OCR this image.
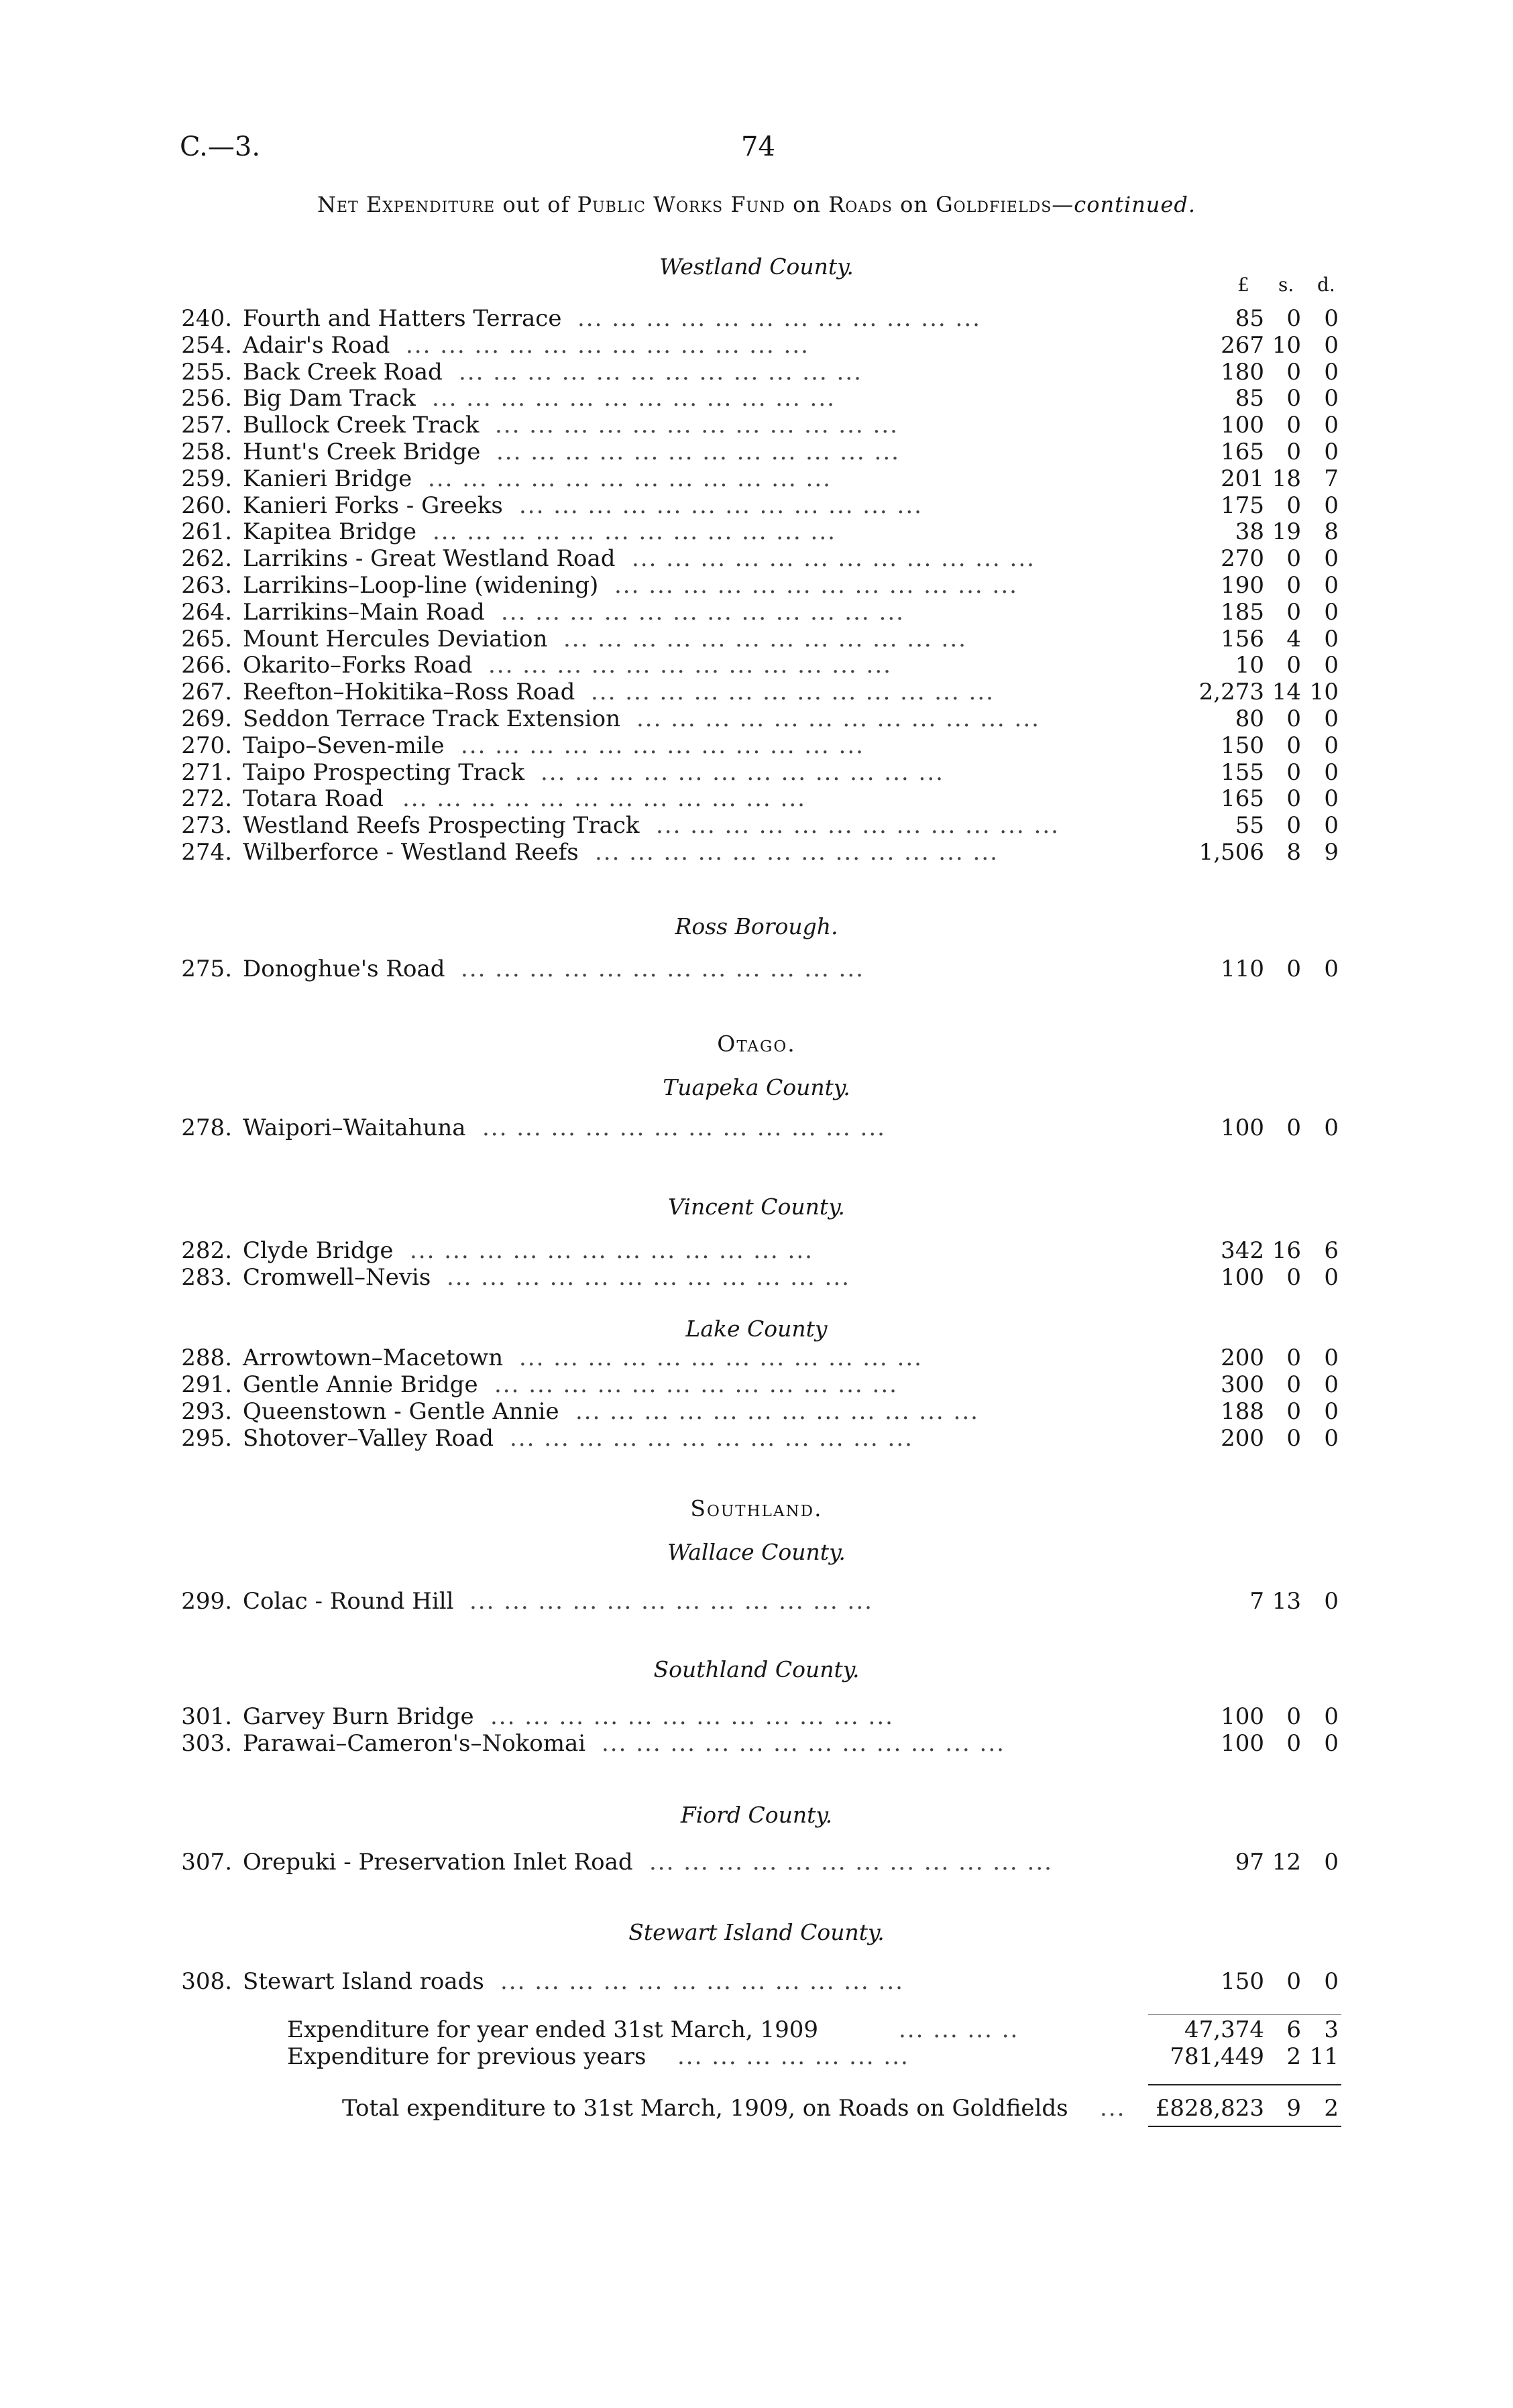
C.—3.	74
Net Expenditure out of Public Works Fund on Roads on Goldfields—continued.
Westland County.
£ s. d.
240. Fourth and Hatters Terrace ... ... ... ... ... ... ... ... ... ... ... ...	85 0	0
254. Adair's Road ... ... ... ... ... ... ... ... ... ... ... ...	267 10	0
255. Back Creek Road ... ... ... ... ... ... ... ... ... ... ... ...	180 0	0
256. Big Dam Track ... ... ... ... ... ... ... ... ... ... ... ...	85 0	0
257. Bullock Creek Track ... ... ... ... ... ... ... ... ... ... ... ...	100 0	0
258. Hunt's Creek Bridge ... ... ... ... ... ... ... ... ... ... ... ...	165 0	0
259. Kanieri Bridge ... ... ... ... ... ... ... ... ... ... ... ...	201 18	7
260. Kanieri Forks - Greeks ... ... ... ... ... ... ... ... ... ... ... ...	175 0	0
261. Kapitea Bridge ... ... ... ... ... ... ... ... ... ... ... ...	38 19	8
262. Larrikins - Great Westland Road ... ... ... ... ... ... ... ... ... ... ... ...	270 0	0
263. Larrikins–Loop-line (widening) ... ... ... ... ... ... ... ... ... ... ... ...	190 0	0
264. Larrikins–Main Road ... ... ... ... ... ... ... ... ... ... ... ...	185 0	0
265. Mount Hercules Deviation ... ... ... ... ... ... ... ... ... ... ... ...	156 4	0
266. Okarito–Forks Road ... ... ... ... ... ... ... ... ... ... ... ...	10 0	0
267. Reefton–Hokitika–Ross Road ... ... ... ... ... ... ... ... ... ... ... ...	2,273 14 10
269. Seddon Terrace Track Extension ... ... ... ... ... ... ... ... ... ... ... ...	80 0	0
270. Taipo–Seven-mile ... ... ... ... ... ... ... ... ... ... ... ...	150 0	0
271. Taipo Prospecting Track ... ... ... ... ... ... ... ... ... ... ... ...	155 0	0
272. Totara Road ... ... ... ... ... ... ... ... ... ... ... ...	165 0	0
273. Westland Reefs Prospecting Track ... ... ... ... ... ... ... ... ... ... ... ...	55 0	0
274. Wilberforce - Westland Reefs ... ... ... ... ... ... ... ... ... ... ... ...	1,506 8	9
Ross Borough.
275. Donoghue's Road ... ... ... ... ... ... ... ... ... ... ... ...	110 0	0
Otago.
Tuapeka County.
278. Waipori–Waitahuna ... ... ... ... ... ... ... ... ... ... ... ...	100 0	0
Vincent County.
282. Clyde Bridge ... ... ... ... ... ... ... ... ... ... ... ...	342 16	6
283. Cromwell–Nevis ... ... ... ... ... ... ... ... ... ... ... ...	100 0	0
Lake County
288. Arrowtown–Macetown ... ... ... ... ... ... ... ... ... ... ... ...	200 0	0
291. Gentle Annie Bridge ... ... ... ... ... ... ... ... ... ... ... ...	300 0	0
293. Queenstown - Gentle Annie ... ... ... ... ... ... ... ... ... ... ... ...	188 0	0
295. Shotover–Valley Road ... ... ... ... ... ... ... ... ... ... ... ...	200 0	0
Southland.
Wallace County.
299. Colac - Round Hill ... ... ... ... ... ... ... ... ... ... ... ...	7 13	0
Southland County.
301. Garvey Burn Bridge ... ... ... ... ... ... ... ... ... ... ... ...	100 0	0
303. Parawai–Cameron's–Nokomai ... ... ... ... ... ... ... ... ... ... ... ...	100 0	0
Fiord County.
307. Orepuki - Preservation Inlet Road ... ... ... ... ... ... ... ... ... ... ... ...	97 12	0
Stewart Island County.
308. Stewart Island roads ... ... ... ... ... ... ... ... ... ... ... ...	150 0	0
Expenditure for year ended 31st March, 1909	... ... ... ..	47,374 6	3
Expenditure for previous years ... ... ... ... ... ... ...	781,449 2 11
Total expenditure to 31st March, 1909, on Roads on Goldfields ...	£828,823 9	2
